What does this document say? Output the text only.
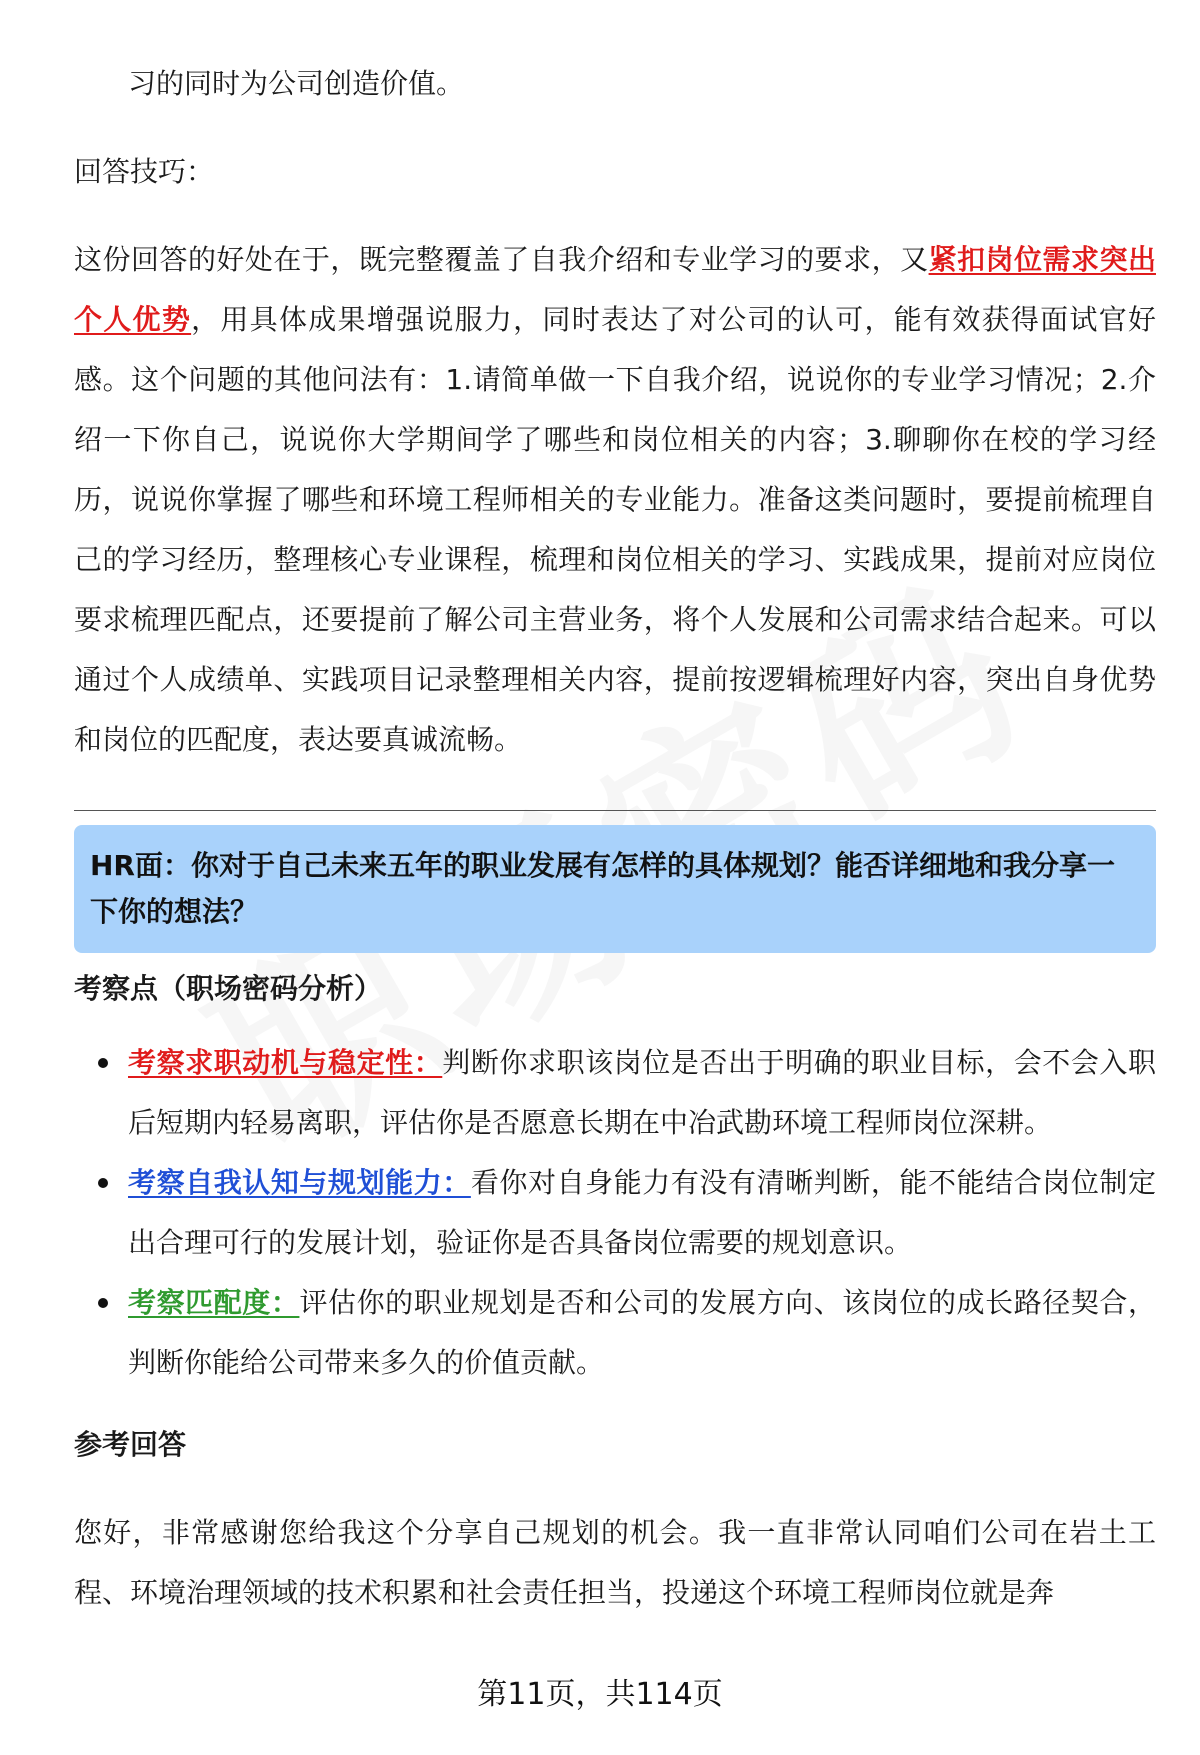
习的同时为公司创造价值。

回答技巧：

这份回答的好处在于，既完整覆盖了自我介绍和专业学习的要求，又紧扣岗位需求突出个人优势，用具体成果增强说服力，同时表达了对公司的认可，能有效获得面试官好感。这个问题的其他问法有：1.请简单做一下自我介绍，说说你的专业学习情况；2.介绍一下你自己，说说你大学期间学了哪些和岗位相关的内容；3.聊聊你在校的学习经历，说说你掌握了哪些和环境工程师相关的专业能力。准备这类问题时，要提前梳理自己的学习经历，整理核心专业课程，梳理和岗位相关的学习、实践成果，提前对应岗位要求梳理匹配点，还要提前了解公司主营业务，将个人发展和公司需求结合起来。可以通过个人成绩单、实践项目记录整理相关内容，提前按逻辑梳理好内容，突出自身优势和岗位的匹配度，表达要真诚流畅。

HR面：你对于自己未来五年的职业发展有怎样的具体规划？能否详细地和我分享一下你的想法？

考察点（职场密码分析）

考察求职动机与稳定性：判断你求职该岗位是否出于明确的职业目标，会不会入职后短期内轻易离职，评估你是否愿意长期在中冶武勘环境工程师岗位深耕。
考察自我认知与规划能力：看你对自身能力有没有清晰判断，能不能结合岗位制定出合理可行的发展计划，验证你是否具备岗位需要的规划意识。
考察匹配度：评估你的职业规划是否和公司的发展方向、该岗位的成长路径契合，判断你能给公司带来多久的价值贡献。

参考回答

您好，非常感谢您给我这个分享自己规划的机会。我一直非常认同咱们公司在岩土工程、环境治理领域的技术积累和社会责任担当，投递这个环境工程师岗位就是奔

第11页，共114页
